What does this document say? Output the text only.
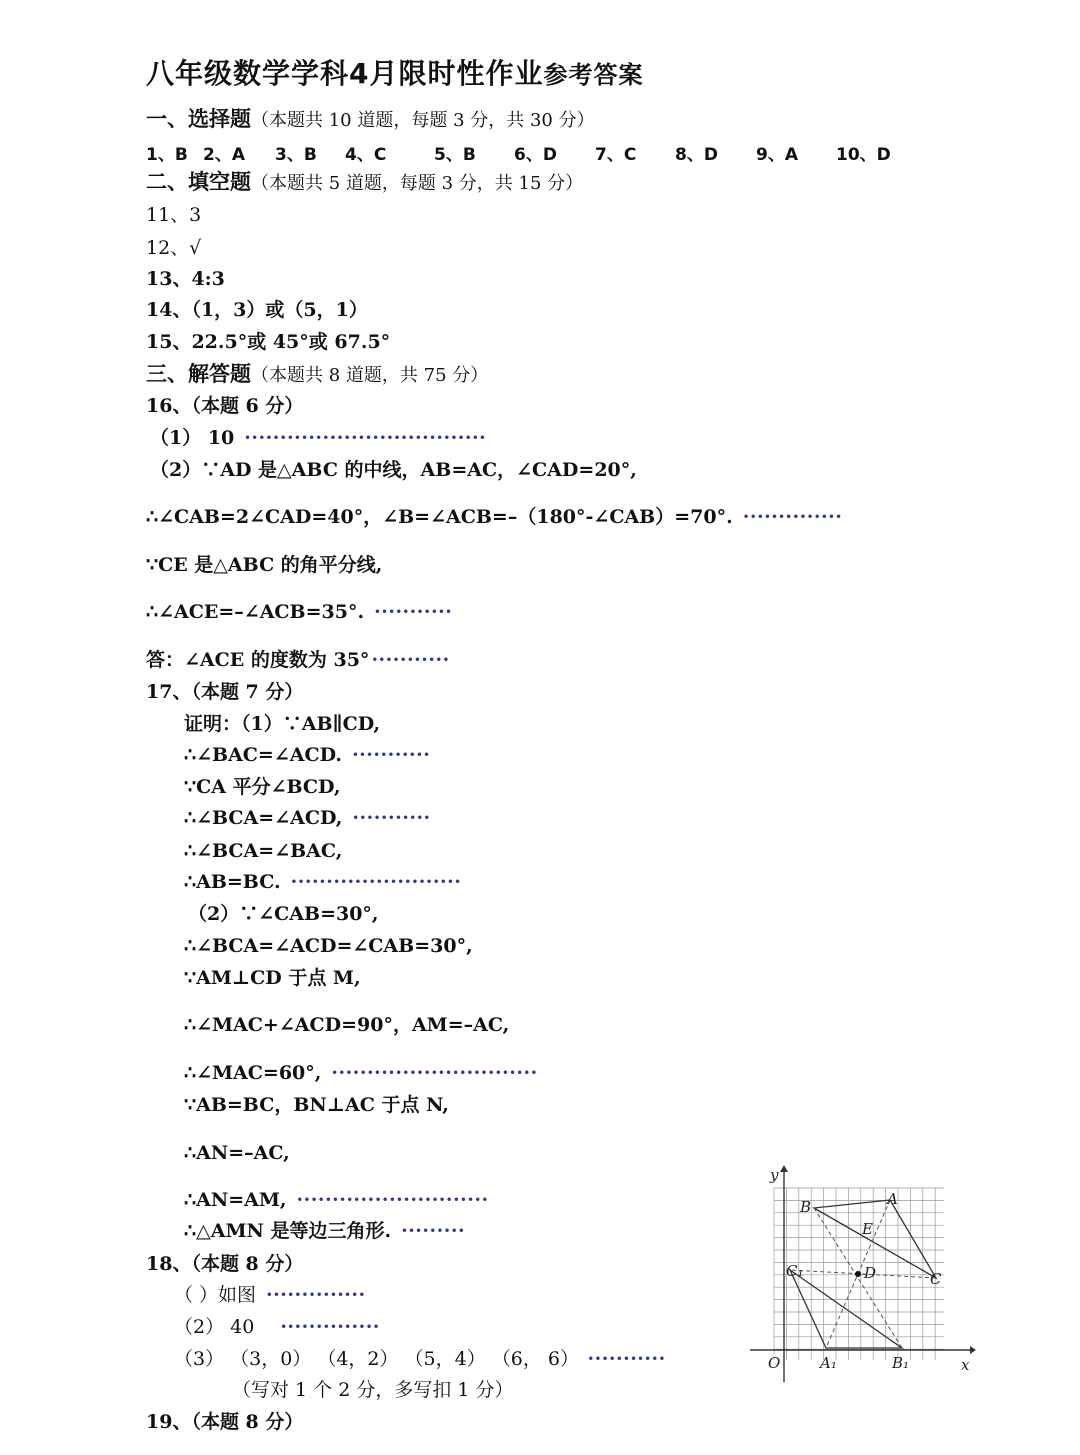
八年级数学学科4月限时性作业参考答案
一、选择题（本题共 10 道题，每题 3 分，共 30 分）
1、B 2、A 3、B 4、C	5、B 6、D 7、C 8、D 9、A 10、D
二、填空题（本题共 5 道题，每题 3 分，共 15 分）
11、3
12、√
13、4:3
14、（1，3）或（5，1）
15、22.5°或 45°或 67.5°
三、解答题（本题共 8 道题，共 75 分）
16、（本题 6 分）
（1） 10 ··································
（2）∵AD 是△ABC 的中线，AB=AC，∠CAD=20°,
∴∠CAB=2∠CAD=40°，∠B=∠ACB=–（180°-∠CAB）=70°. ··············
∵CE 是△ABC 的角平分线,
∴∠ACE=–∠ACB=35°. ···········
答：∠ACE 的度数为 35° ···········
17、（本题 7 分）
证明：（1）∵AB∥CD,
∴∠BAC=∠ACD. ···········
∵CA 平分∠BCD,
∴∠BCA=∠ACD, ···········
∴∠BCA=∠BAC,
∴AB=BC. ························
（2）∵∠CAB=30°,
∴∠BCA=∠ACD=∠CAB=30°,
∵AM⊥CD 于点 M,
∴∠MAC+∠ACD=90°，AM=–AC,
∴∠MAC=60°, ·····························
∵AB=BC，BN⊥AC 于点 N,
∴AN=–AC,
∴AN=AM, ···························
∴△AMN 是等边三角形. ·········
18、（本题 8 分）
（ ）如图 ··············
（2） 40 ··············
（3） （3，0） （4，2） （5，4） （6， 6） ···········
（写对 1 个 2 分，多写扣 1 分）
19、（本题 8 分）
y
x
O
A
B
C
E
D
C₁
A₁	B₁
